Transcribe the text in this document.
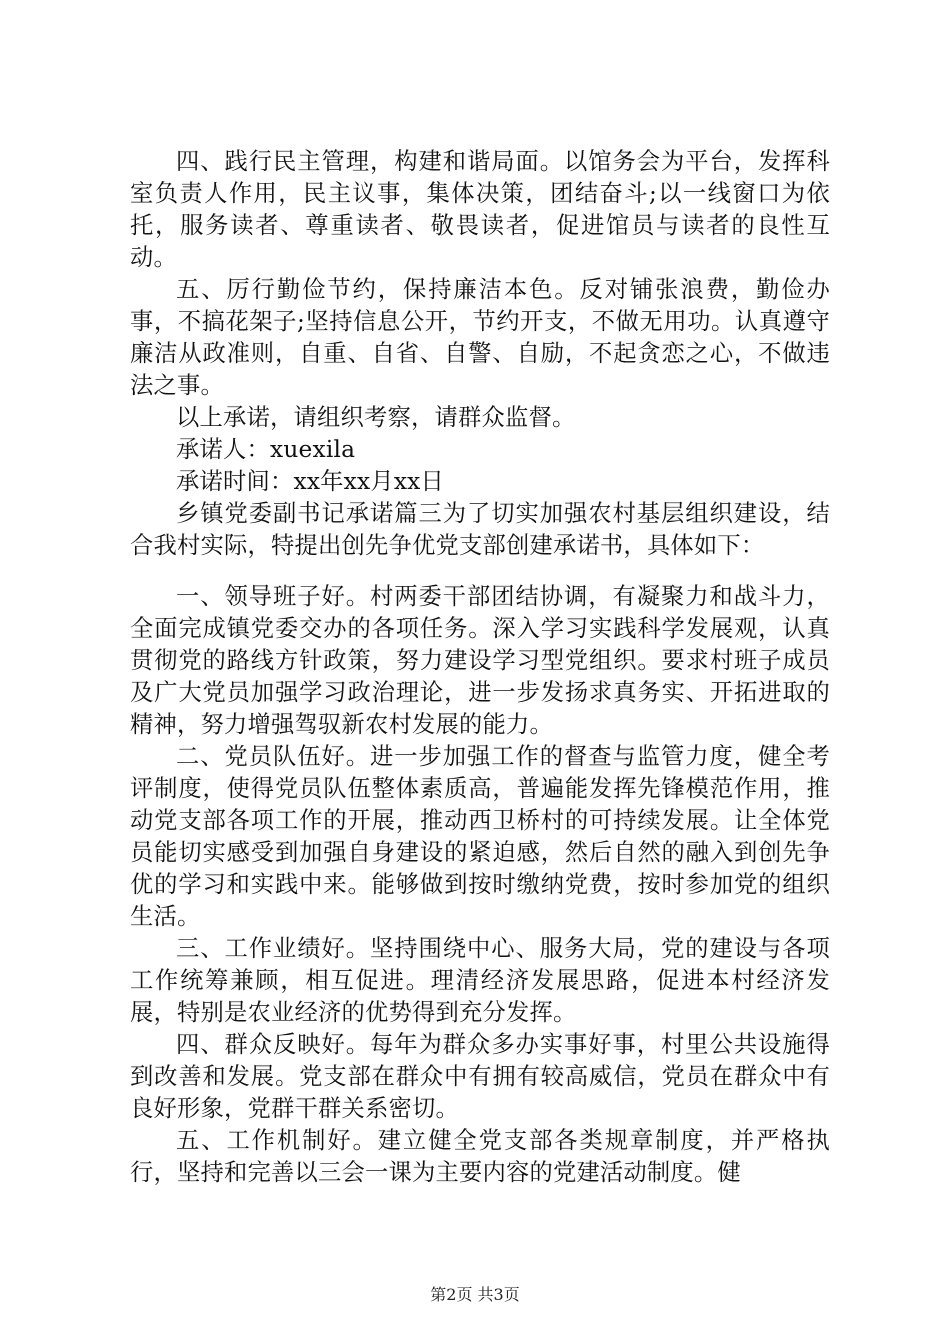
四、践行民主管理，构建和谐局面。以馆务会为平台，发挥科室负责人作用，民主议事，集体决策，团结奋斗;以一线窗口为依托，服务读者、尊重读者、敬畏读者，促进馆员与读者的良性互动。

五、厉行勤俭节约，保持廉洁本色。反对铺张浪费，勤俭办事，不搞花架子;坚持信息公开，节约开支，不做无用功。认真遵守廉洁从政准则，自重、自省、自警、自励，不起贪恋之心，不做违法之事。

以上承诺，请组织考察，请群众监督。

承诺人：xuexila

承诺时间：xx年xx月xx日

乡镇党委副书记承诺篇三为了切实加强农村基层组织建设，结合我村实际，特提出创先争优党支部创建承诺书，具体如下：

一、领导班子好。村两委干部团结协调，有凝聚力和战斗力，全面完成镇党委交办的各项任务。深入学习实践科学发展观，认真贯彻党的路线方针政策，努力建设学习型党组织。要求村班子成员及广大党员加强学习政治理论，进一步发扬求真务实、开拓进取的精神，努力增强驾驭新农村发展的能力。

二、党员队伍好。进一步加强工作的督查与监管力度，健全考评制度，使得党员队伍整体素质高，普遍能发挥先锋模范作用，推动党支部各项工作的开展，推动西卫桥村的可持续发展。让全体党员能切实感受到加强自身建设的紧迫感，然后自然的融入到创先争优的学习和实践中来。能够做到按时缴纳党费，按时参加党的组织生活。

三、工作业绩好。坚持围绕中心、服务大局，党的建设与各项工作统筹兼顾，相互促进。理清经济发展思路，促进本村经济发展，特别是农业经济的优势得到充分发挥。

四、群众反映好。每年为群众多办实事好事，村里公共设施得到改善和发展。党支部在群众中有拥有较高威信，党员在群众中有良好形象，党群干群关系密切。

五、工作机制好。建立健全党支部各类规章制度，并严格执行，坚持和完善以三会一课为主要内容的党建活动制度。健

第2页 共3页
